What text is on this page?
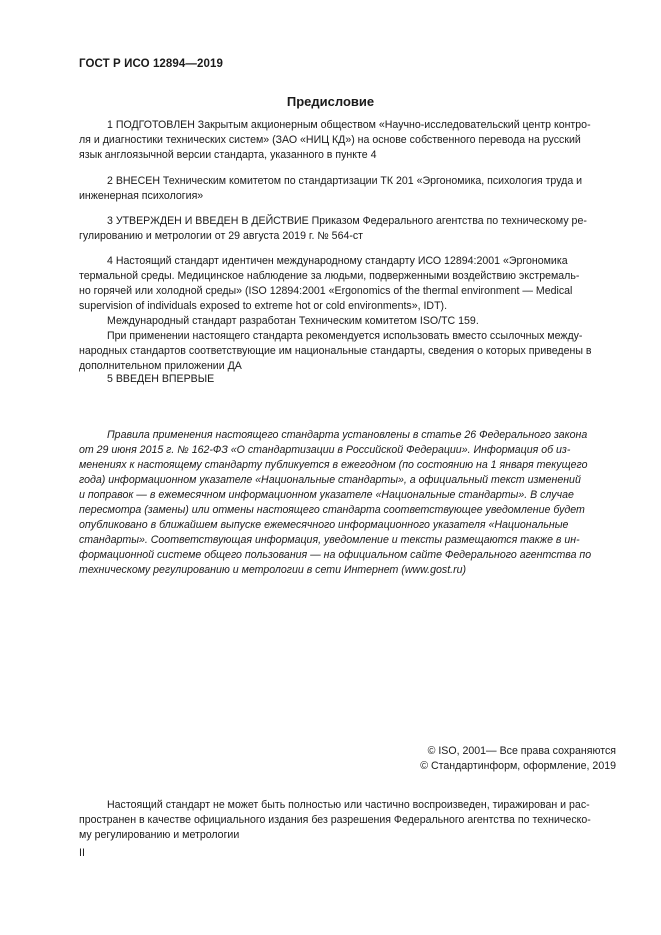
ГОСТ Р ИСО 12894—2019
Предисловие

1 ПОДГОТОВЛЕН Закрытым акционерным обществом «Научно-исследовательский центр контро-

ля и диагностики технических систем» (ЗАО «НИЦ КД») на основе собственного перевода на русский

язык англоязычной версии стандарта, указанного в пункте 4

2 ВНЕСЕН Техническим комитетом по стандартизации ТК 201 «Эргономика, психология труда и

инженерная психология»

3 УТВЕРЖДЕН И ВВЕДЕН В ДЕЙСТВИЕ Приказом Федерального агентства по техническому ре-

гулированию и метрологии от 29 августа 2019 г. № 564-ст

4 Настоящий стандарт идентичен международному стандарту ИСО 12894:2001 «Эргономика

термальной среды. Медицинское наблюдение за людьми, подверженными воздействию экстремаль-

но горячей или холодной среды» (ISO 12894:2001 «Ergonomics of the thermal environment — Medical

supervision of individuals exposed to extreme hot or cold environments», IDT).

Международный стандарт разработан Техническим комитетом ISO/TC 159.

При применении настоящего стандарта рекомендуется использовать вместо ссылочных между-

народных стандартов соответствующие им национальные стандарты, сведения о которых приведены в

дополнительном приложении ДА

5 ВВЕДЕН ВПЕРВЫЕ

Правила применения настоящего стандарта установлены в статье 26 Федерального закона

от 29 июня 2015 г. № 162-ФЗ «О стандартизации в Российской Федерации». Информация об из-

менениях к настоящему стандарту публикуется в ежегодном (по состоянию на 1 января текущего

года) информационном указателе «Национальные стандарты», а официальный текст изменений

и поправок — в ежемесячном информационном указателе «Национальные стандарты». В случае

пересмотра (замены) или отмены настоящего стандарта соответствующее уведомление будет

опубликовано в ближайшем выпуске ежемесячного информационного указателя «Национальные

стандарты». Соответствующая информация, уведомление и тексты размещаются также в ин-

формационной системе общего пользования — на официальном сайте Федерального агентства по

техническому регулированию и метрологии в сети Интернет (www.gost.ru)

© ISO, 2001— Все права сохраняются
© Стандартинформ, оформление, 2019

Настоящий стандарт не может быть полностью или частично воспроизведен, тиражирован и рас-

пространен в качестве официального издания без разрешения Федерального агентства по техническо-

му регулированию и метрологии

II
